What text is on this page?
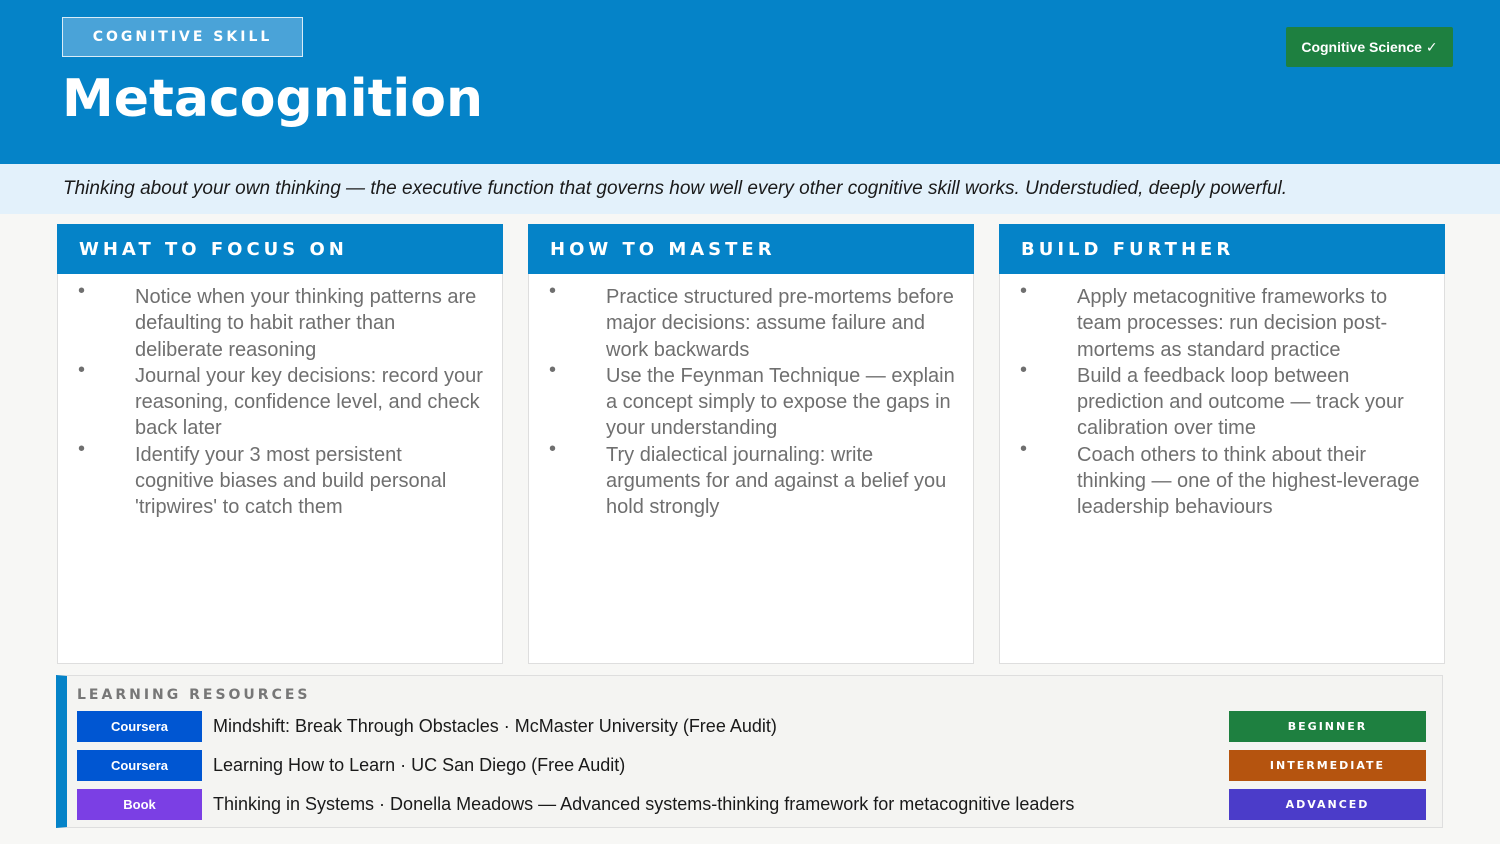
COGNITIVE SKILL
Metacognition
Cognitive Science ✓
Thinking about your own thinking — the executive function that governs how well every other cognitive skill works. Understudied, deeply powerful.
WHAT TO FOCUS ON
• Notice when your thinking patterns are defaulting to habit rather than deliberate reasoning
• Journal your key decisions: record your reasoning, confidence level, and check back later
• Identify your 3 most persistent cognitive biases and build personal 'tripwires' to catch them
HOW TO MASTER
• Practice structured pre-mortems before major decisions: assume failure and work backwards
• Use the Feynman Technique — explain a concept simply to expose the gaps in your understanding
• Try dialectical journaling: write arguments for and against a belief you hold strongly
BUILD FURTHER
• Apply metacognitive frameworks to team processes: run decision post-mortems as standard practice
• Build a feedback loop between prediction and outcome — track your calibration over time
• Coach others to think about their thinking — one of the highest-leverage leadership behaviours
LEARNING RESOURCES
Coursera	Mindshift: Break Through Obstacles · McMaster University (Free Audit)	BEGINNER
Coursera	Learning How to Learn · UC San Diego (Free Audit)	INTERMEDIATE
Book	Thinking in Systems · Donella Meadows — Advanced systems-thinking framework for metacognitive leaders	ADVANCED
